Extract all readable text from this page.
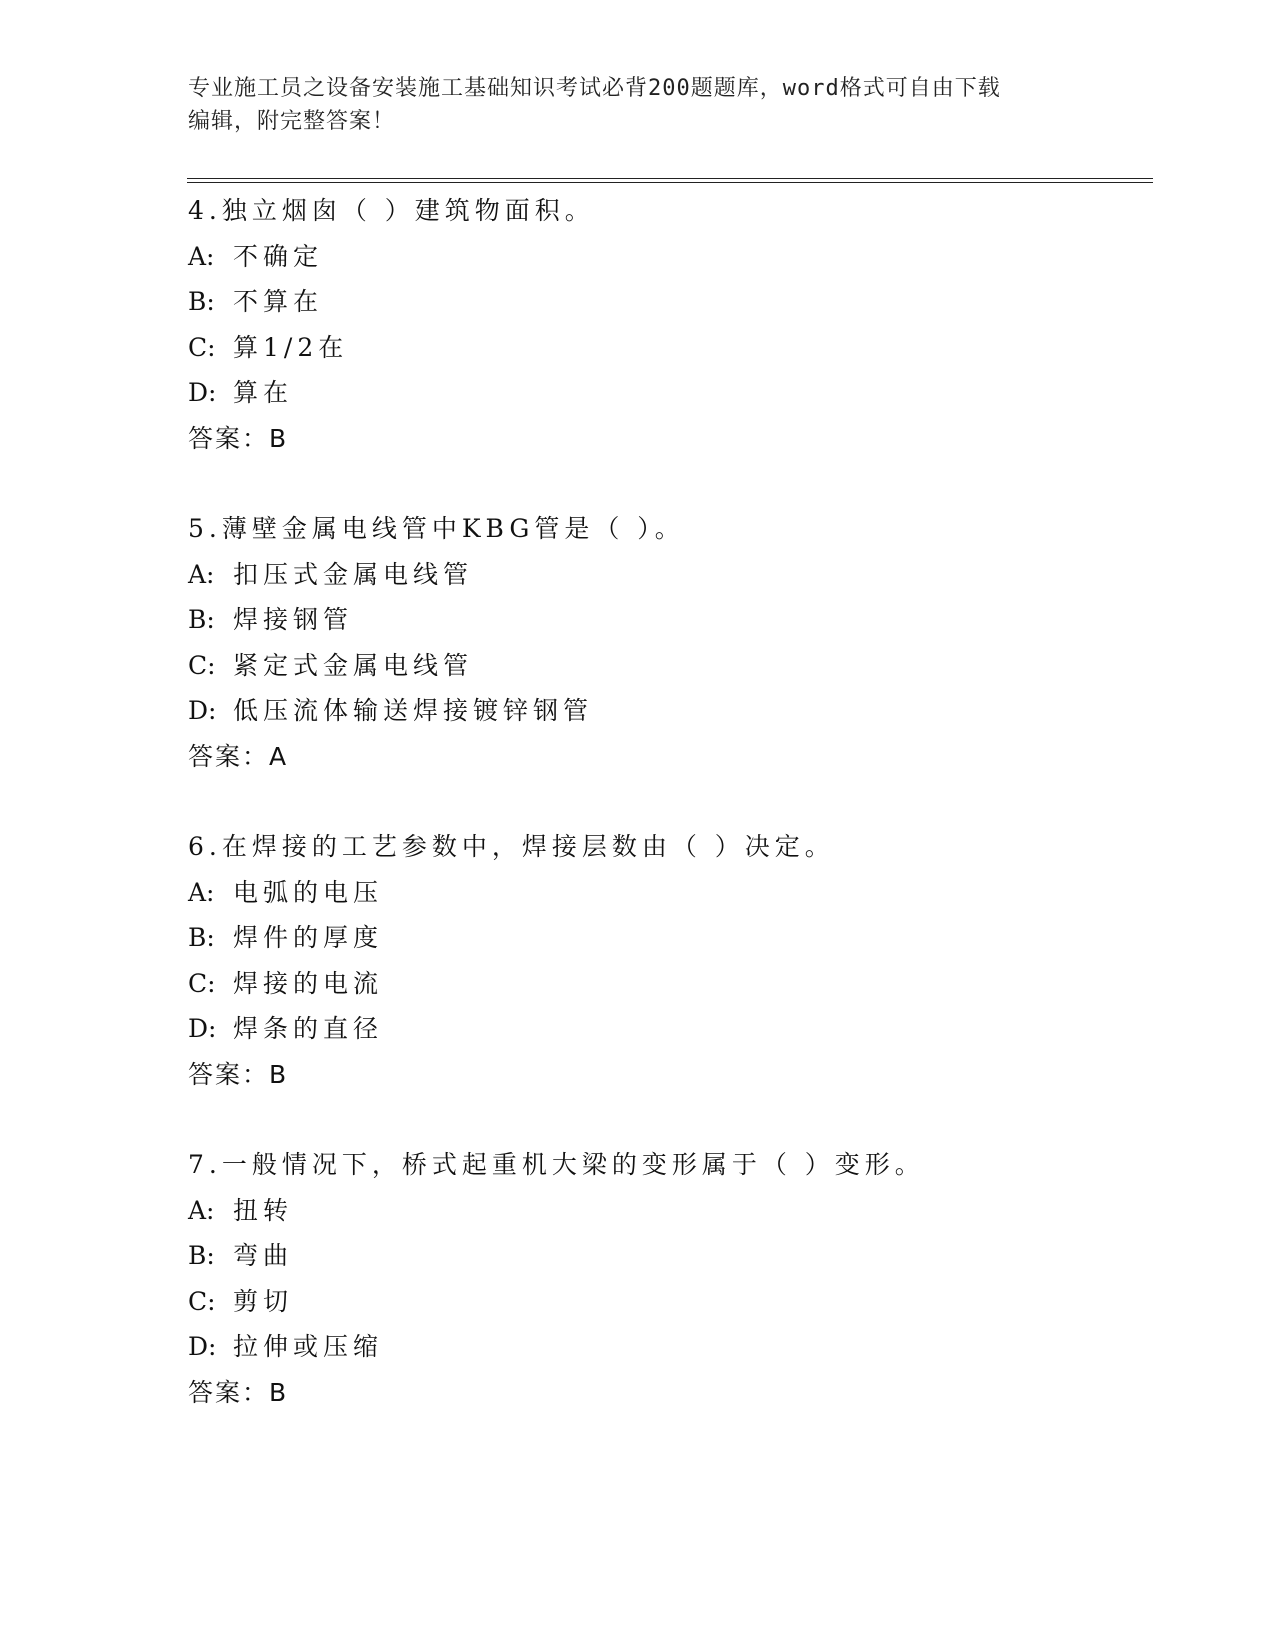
专业施工员之设备安装施工基础知识考试必背200题题库，word格式可自由下载
编辑，附完整答案！
4.独立烟囱（ ）建筑物面积。
A: 不确定
B: 不算在
C: 算1/2在
D: 算在
答案：B
5.薄壁金属电线管中KBG管是（ ）。
A: 扣压式金属电线管
B: 焊接钢管
C: 紧定式金属电线管
D: 低压流体输送焊接镀锌钢管
答案：A
6.在焊接的工艺参数中，焊接层数由（ ）决定。
A: 电弧的电压
B: 焊件的厚度
C: 焊接的电流
D: 焊条的直径
答案：B
7.一般情况下，桥式起重机大梁的变形属于（ ）变形。
A: 扭转
B: 弯曲
C: 剪切
D: 拉伸或压缩
答案：B
